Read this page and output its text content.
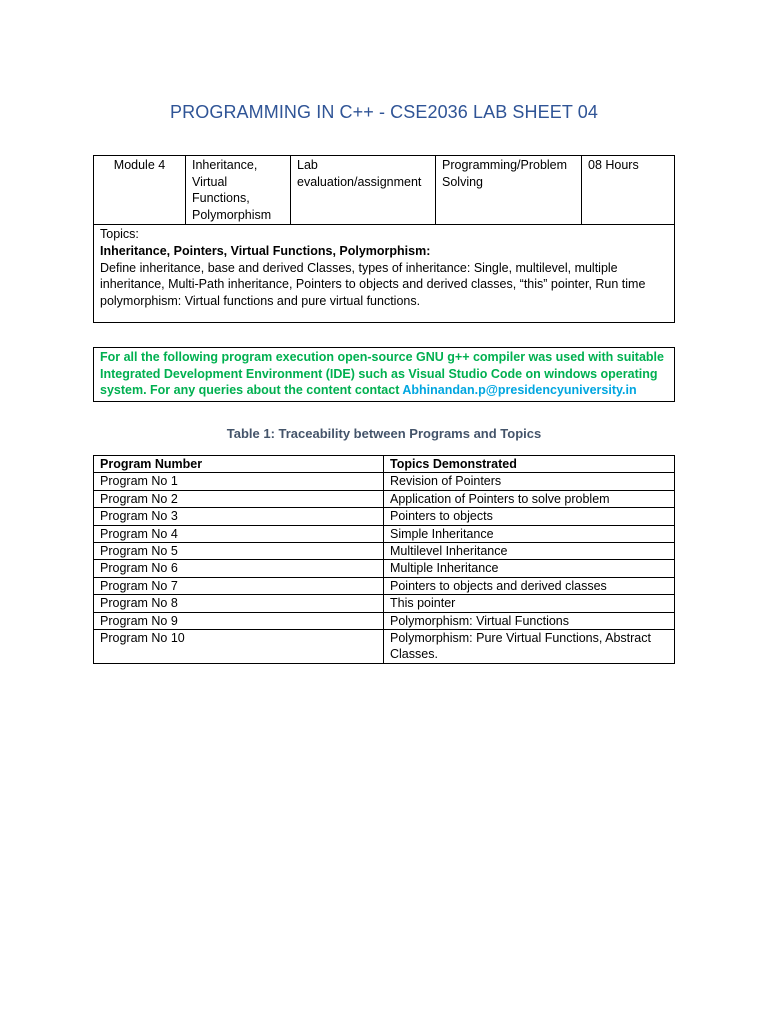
PROGRAMMING IN C++ - CSE2036 LAB SHEET 04
Module 4	Inheritance, Virtual Functions, Polymorphism	Lab evaluation/assignment	Programming/Problem Solving	08 Hours

Topics:
Inheritance, Pointers, Virtual Functions, Polymorphism:
Define inheritance, base and derived Classes, types of inheritance: Single, multilevel, multiple inheritance, Multi-Path inheritance, Pointers to objects and derived classes, “this” pointer, Run time polymorphism: Virtual functions and pure virtual functions.
For all the following program execution open-source GNU g++ compiler was used with suitable Integrated Development Environment (IDE) such as Visual Studio Code on windows operating system. For any queries about the content contact Abhinandan.p@presidencyuniversity.in
Table 1: Traceability between Programs and Topics
Program Number	Topics Demonstrated
Program No 1	Revision of Pointers
Program No 2	Application of Pointers to solve problem
Program No 3	Pointers to objects
Program No 4	Simple Inheritance
Program No 5	Multilevel Inheritance
Program No 6	Multiple Inheritance
Program No 7	Pointers to objects and derived classes
Program No 8	This pointer
Program No 9	Polymorphism: Virtual Functions
Program No 10	Polymorphism: Pure Virtual Functions, Abstract Classes.
